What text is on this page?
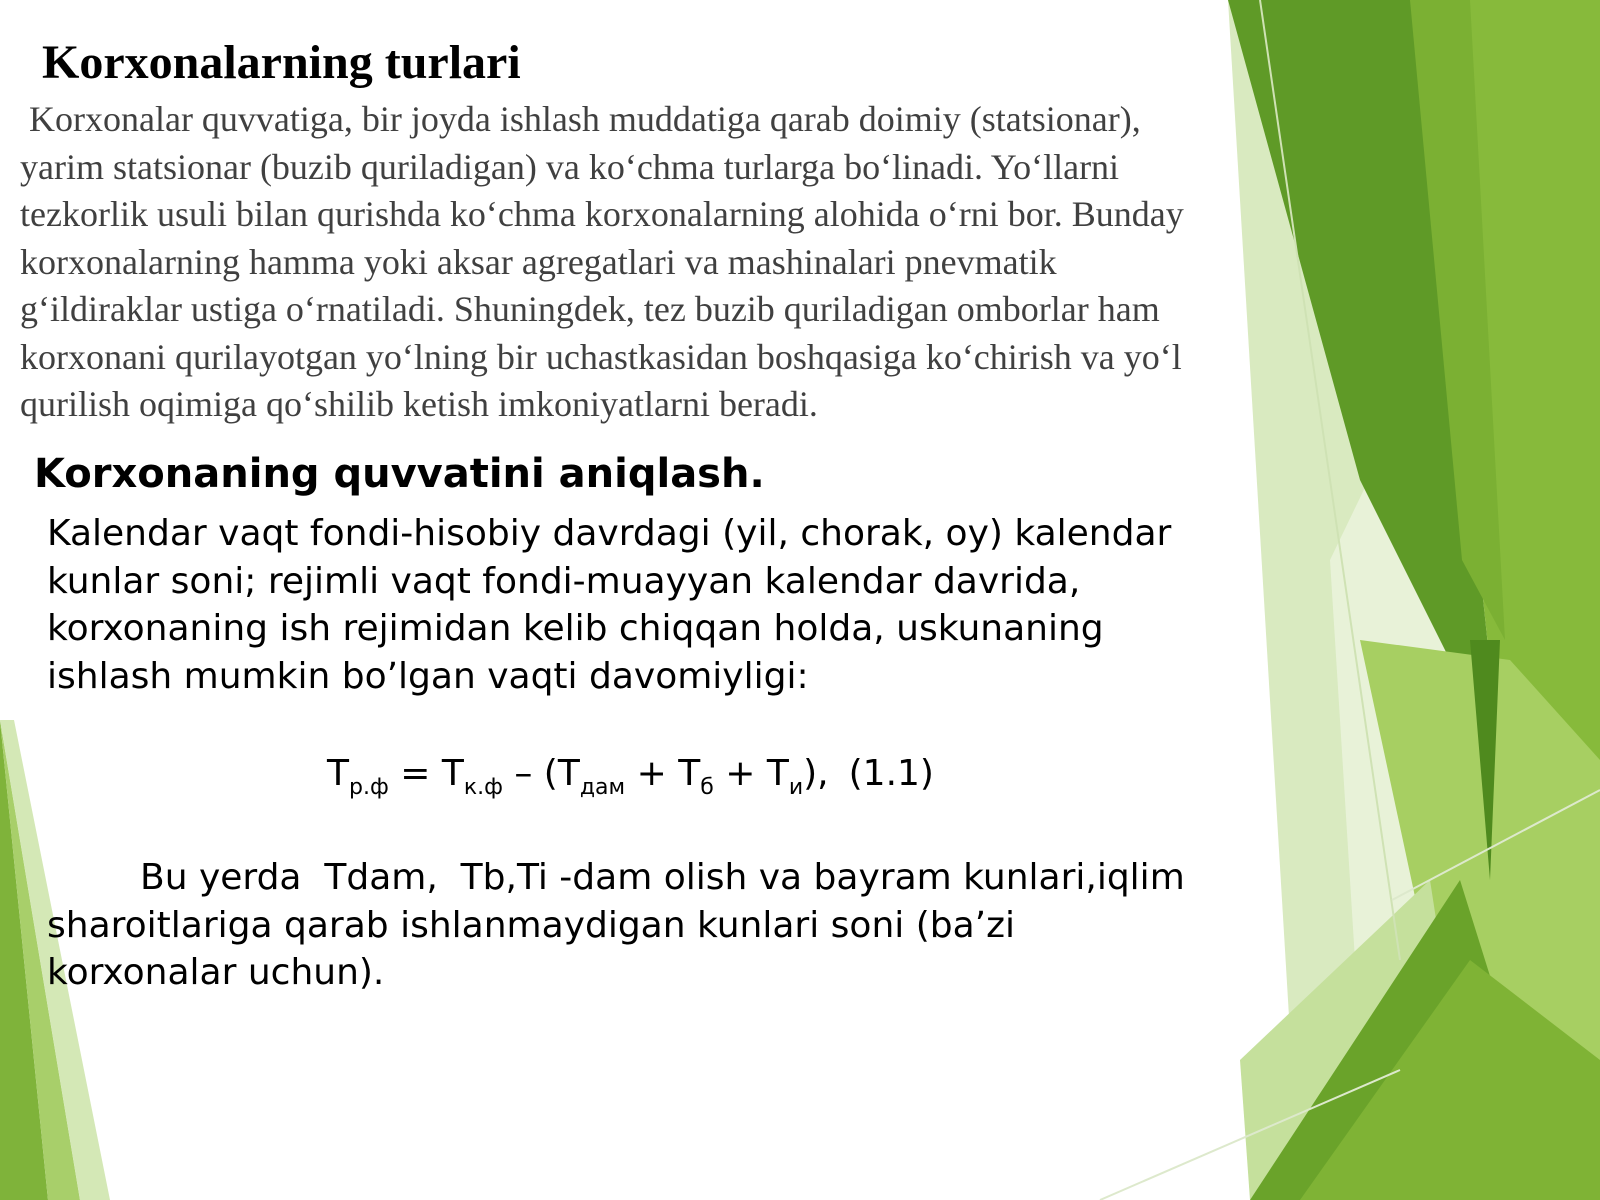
Korxonalarning turlari
Korxonalar quvvatiga, bir joyda ishlash muddatiga qarab doimiy (statsionar),
yarim statsionar (buzib quriladigan) va ko‘chma turlarga bo‘linadi. Yo‘llarni
tezkorlik usuli bilan qurishda ko‘chma korxonalarning alohida o‘rni bor. Bunday
korxonalarning hamma yoki aksar agregatlari va mashinalari pnevmatik
g‘ildiraklar ustiga o‘rnatiladi. Shuningdek, tez buzib quriladigan omborlar ham
korxonani qurilayotgan yo‘lning bir uchastkasidan boshqasiga ko‘chirish va yo‘l
qurilish oqimiga qo‘shilib ketish imkoniyatlarni beradi.
Korxonaning quvvatini aniqlash.
Kalendar vaqt fondi-hisobiy davrdagi (yil, chorak, oy) kalendar
kunlar soni; rejimli vaqt fondi-muayyan kalendar davrida,
korxonaning ish rejimidan kelib chiqqan holda, uskunaning
ishlash mumkin bo’lgan vaqti davomiyligi:
$T_{р.ф} = T_{к.ф} - (T_{дам} + T_б + T_и)$, (1.1)
Bu yerda  Tdam,  Tb,Ti -dam olish va bayram kunlari,iqlim
sharoitlariga qarab ishlanmaydigan kunlari soni (ba’zi
korxonalar uchun).
